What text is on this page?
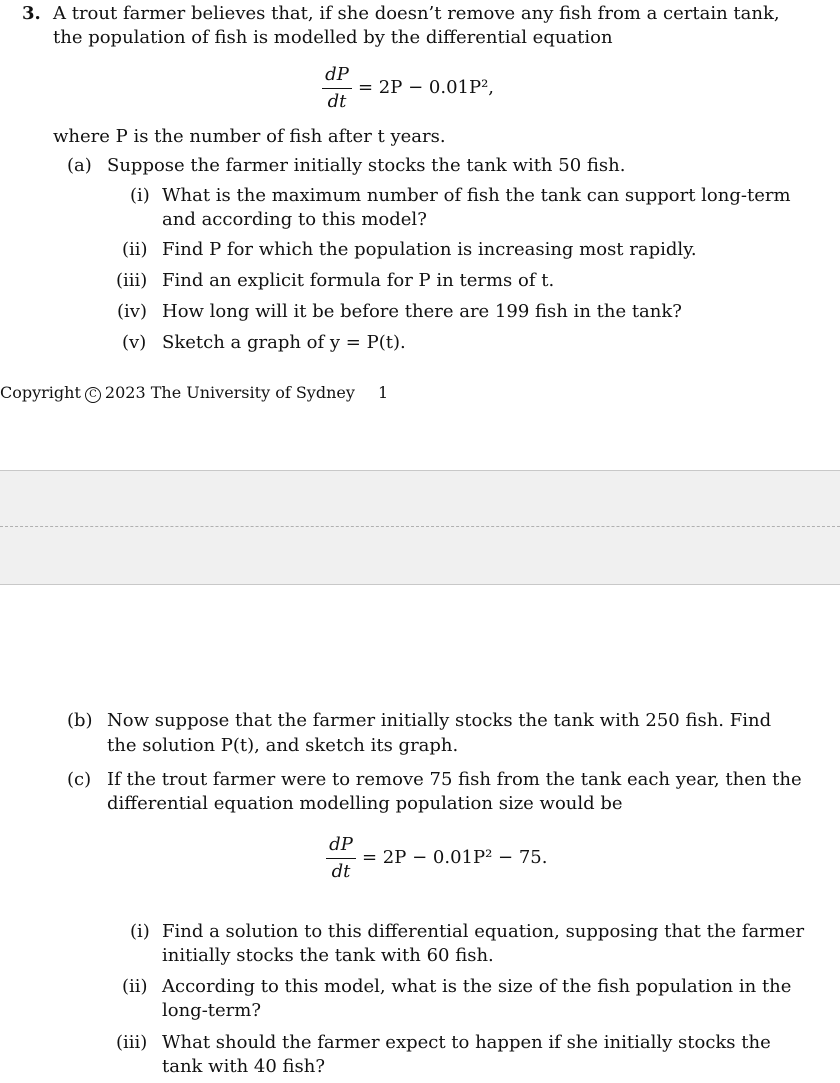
3. A trout farmer believes that, if she doesn’t remove any fish from a certain tank,
the population of fish is modelled by the differential equation
dP
dt
= 2P − 0.01P²,
where P is the number of fish after t years.
(a) Suppose the farmer initially stocks the tank with 50 fish.
(i) What is the maximum number of fish the tank can support long-term
and according to this model?
(ii) Find P for which the population is increasing most rapidly.
(iii) Find an explicit formula for P in terms of t.
(iv) How long will it be before there are 199 fish in the tank?
(v) Sketch a graph of y = P(t).
Copyright C 2023 The University of Sydney 1
(b) Now suppose that the farmer initially stocks the tank with 250 fish. Find
the solution P(t), and sketch its graph.
(c) If the trout farmer were to remove 75 fish from the tank each year, then the
differential equation modelling population size would be
dP
dt
= 2P − 0.01P² − 75.
(i) Find a solution to this differential equation, supposing that the farmer
initially stocks the tank with 60 fish.
(ii) According to this model, what is the size of the fish population in the
long-term?
(iii) What should the farmer expect to happen if she initially stocks the
tank with 40 fish?
